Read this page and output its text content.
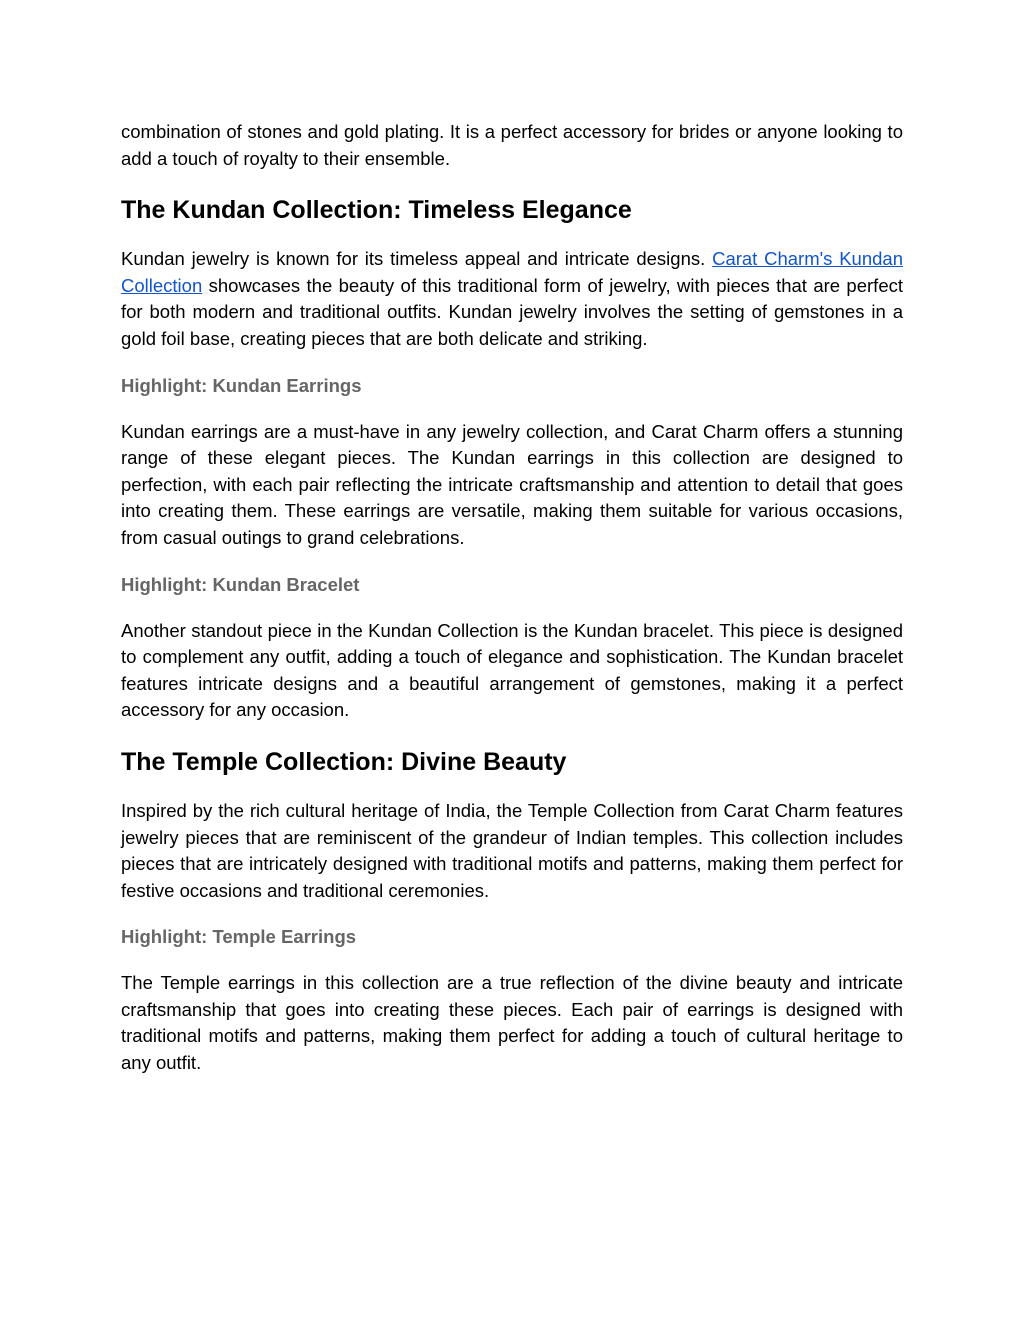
combination of stones and gold plating. It is a perfect accessory for brides or anyone looking to add a touch of royalty to their ensemble.

The Kundan Collection: Timeless Elegance

Kundan jewelry is known for its timeless appeal and intricate designs. Carat Charm's Kundan Collection showcases the beauty of this traditional form of jewelry, with pieces that are perfect for both modern and traditional outfits. Kundan jewelry involves the setting of gemstones in a gold foil base, creating pieces that are both delicate and striking.

Highlight: Kundan Earrings

Kundan earrings are a must-have in any jewelry collection, and Carat Charm offers a stunning range of these elegant pieces. The Kundan earrings in this collection are designed to perfection, with each pair reflecting the intricate craftsmanship and attention to detail that goes into creating them. These earrings are versatile, making them suitable for various occasions, from casual outings to grand celebrations.

Highlight: Kundan Bracelet

Another standout piece in the Kundan Collection is the Kundan bracelet. This piece is designed to complement any outfit, adding a touch of elegance and sophistication. The Kundan bracelet features intricate designs and a beautiful arrangement of gemstones, making it a perfect accessory for any occasion.

The Temple Collection: Divine Beauty

Inspired by the rich cultural heritage of India, the Temple Collection from Carat Charm features jewelry pieces that are reminiscent of the grandeur of Indian temples. This collection includes pieces that are intricately designed with traditional motifs and patterns, making them perfect for festive occasions and traditional ceremonies.

Highlight: Temple Earrings

The Temple earrings in this collection are a true reflection of the divine beauty and intricate craftsmanship that goes into creating these pieces. Each pair of earrings is designed with traditional motifs and patterns, making them perfect for adding a touch of cultural heritage to any outfit.
